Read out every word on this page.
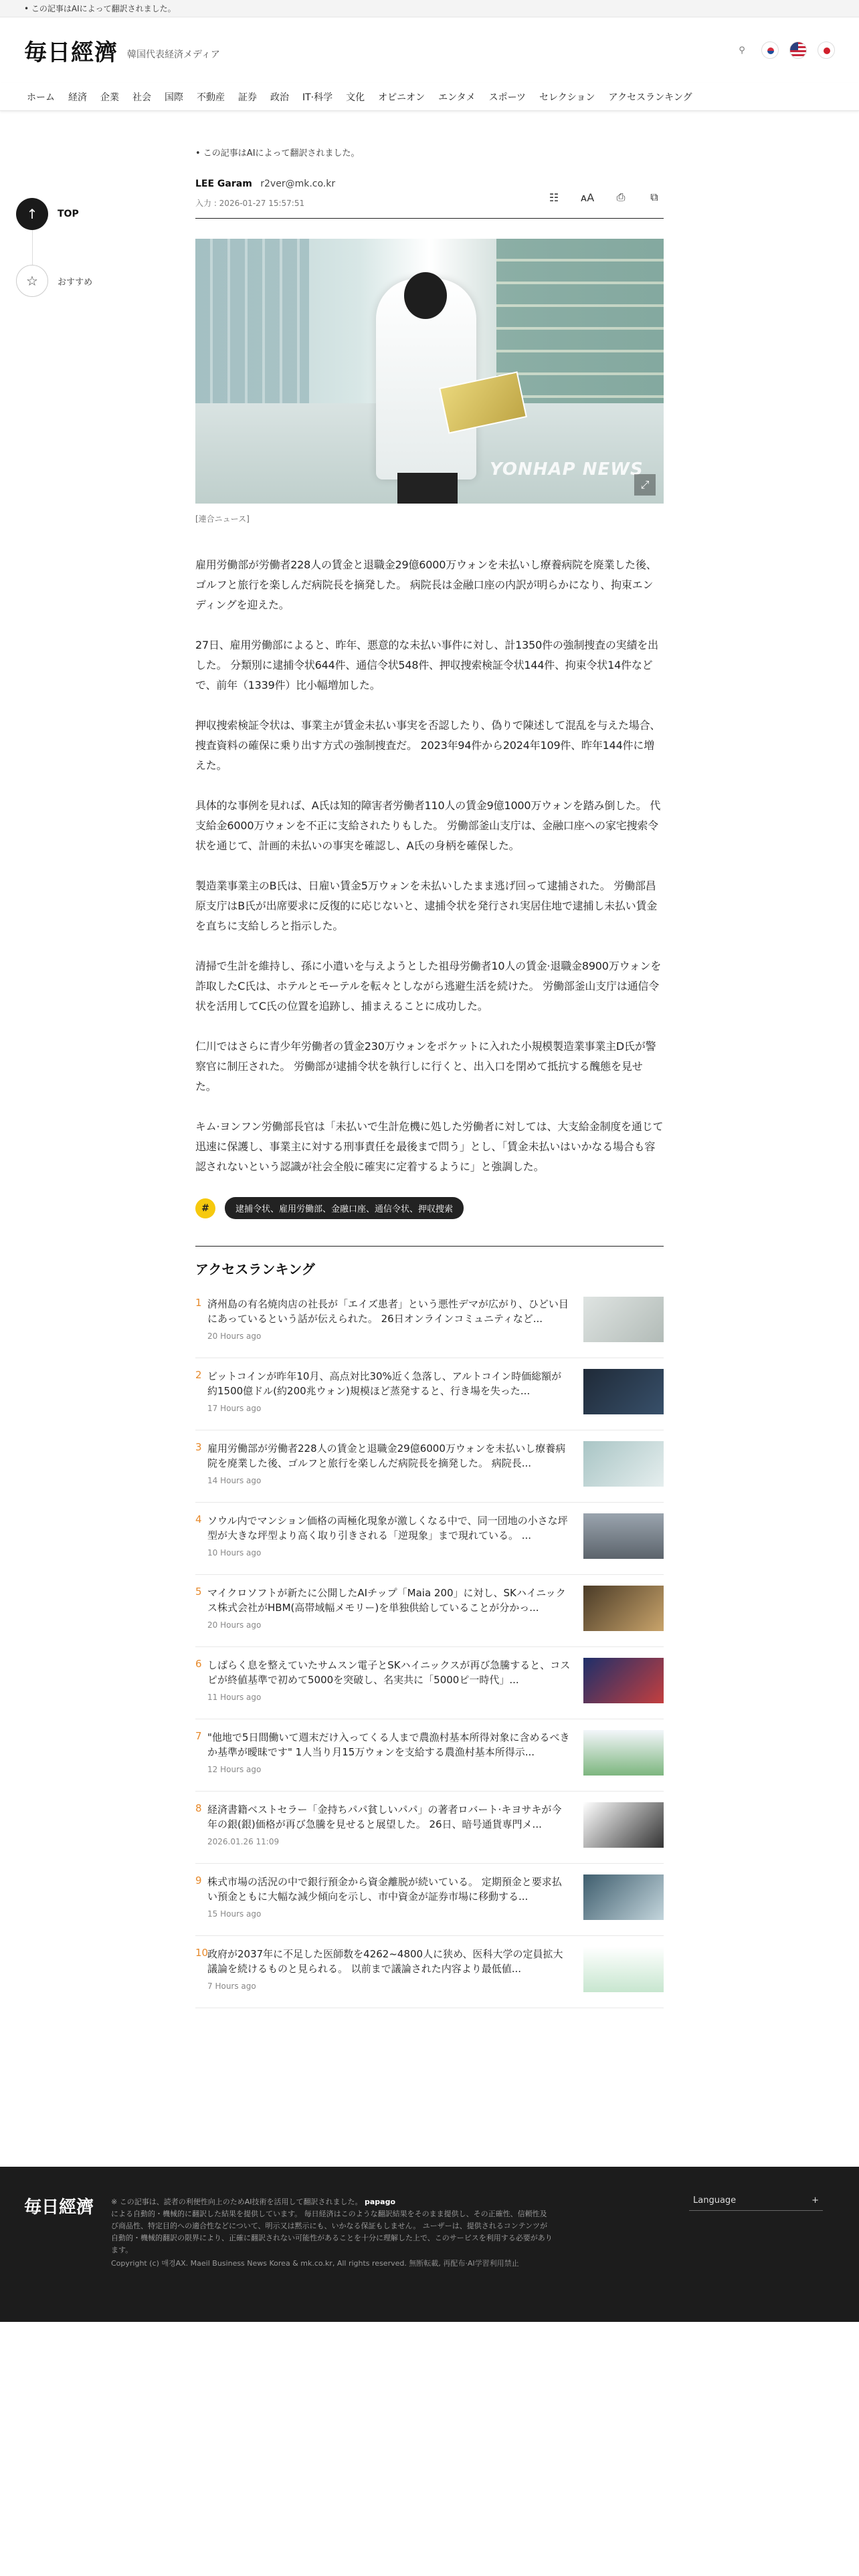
• この記事はAIによって翻訳されました。
毎日經濟 韓国代表経済メディア	⚲
ホーム 経済 企業 社会 国際 不動産 証券 政治 IT·科学 文化 オピニオン エンタメ スポーツ セレクション アクセスランキング
↑	TOP
☆	おすすめ
• この記事はAIによって翻訳されました。
LEE Garam r2ver@mk.co.kr
入力 : 2026-01-27 15:57:51	☷	ᴀA	⎙	⧉
YONHAP NEWS
⤢
[連合ニュース]

雇用労働部が労働者228人の賃金と退職金29億6000万ウォンを未払いし療養病院を廃業した後、ゴルフと旅行を楽しんだ病院長を摘発した。 病院長は金融口座の内訳が明らかになり、拘束エンディングを迎えた。

27日、雇用労働部によると、昨年、悪意的な未払い事件に対し、計1350件の強制捜査の実績を出した。 分類別に逮捕令状644件、通信令状548件、押収捜索検証令状144件、拘束令状14件などで、前年（1339件）比小幅増加した。

押収捜索検証令状は、事業主が賃金未払い事実を否認したり、偽りで陳述して混乱を与えた場合、捜査資料の確保に乗り出す方式の強制捜査だ。 2023年94件から2024年109件、昨年144件に増えた。

具体的な事例を見れば、A氏は知的障害者労働者110人の賃金9億1000万ウォンを踏み倒した。 代支給金6000万ウォンを不正に支給されたりもした。 労働部釜山支庁は、金融口座への家宅捜索令状を通じて、計画的未払いの事実を確認し、A氏の身柄を確保した。

製造業事業主のB氏は、日雇い賃金5万ウォンを未払いしたまま逃げ回って逮捕された。 労働部昌原支庁はB氏が出席要求に反復的に応じないと、逮捕令状を発行され実居住地で逮捕し未払い賃金を直ちに支給しろと指示した。

清掃で生計を維持し、孫に小遣いを与えようとした祖母労働者10人の賃金·退職金8900万ウォンを詐取したC氏は、ホテルとモーテルを転々としながら逃避生活を続けた。 労働部釜山支庁は通信令状を活用してC氏の位置を追跡し、捕まえることに成功した。

仁川ではさらに青少年労働者の賃金230万ウォンをポケットに入れた小規模製造業事業主D氏が警察官に制圧された。 労働部が逮捕令状を執行しに行くと、出入口を閉めて抵抗する醜態を見せた。

キム·ヨンフン労働部長官は「未払いで生計危機に処した労働者に対しては、大支給金制度を通じて迅速に保護し、事業主に対する刑事責任を最後まで問う」とし、「賃金未払いはいかなる場合も容認されないという認識が社会全般に確実に定着するように」と強調した。

#	逮捕令状、雇用労働部、金融口座、通信令状、押収捜索
アクセスランキング
1 済州島の有名焼肉店の社長が「エイズ患者」という悪性デマが広がり、ひどい目にあっているという話が伝えられた。 26日オンラインコミュニティなど...
20 Hours ago
2 ビットコインが昨年10月、高点対比30%近く急落し、アルトコイン時価総額が約1500億ドル(約200兆ウォン)規模ほど蒸発すると、行き場を失った...
17 Hours ago
3 雇用労働部が労働者228人の賃金と退職金29億6000万ウォンを未払いし療養病院を廃業した後、ゴルフと旅行を楽しんだ病院長を摘発した。 病院長...
14 Hours ago
4 ソウル内でマンション価格の両極化現象が激しくなる中で、同一団地の小さな坪型が大きな坪型より高く取り引きされる「逆現象」まで現れている。 ...
10 Hours ago
5 マイクロソフトが新たに公開したAIチップ「Maia 200」に対し、SKハイニックス株式会社がHBM(高帯域幅メモリー)を単独供給していることが分かっ...
20 Hours ago
6 しばらく息を整えていたサムスン電子とSKハイニックスが再び急騰すると、コスピが終値基準で初めて5000を突破し、名実共に「5000ピ一時代」...
11 Hours ago
7 "他地で5日間働いて週末だけ入ってくる人まで農漁村基本所得対象に含めるべきか基準が曖昧です" 1人当り月15万ウォンを支給する農漁村基本所得示...
12 Hours ago
8 経済書籍ベストセラー「金持ちパパ貧しいパパ」の著者ロバート·キヨサキが今年の銀(銀)価格が再び急騰を見せると展望した。 26日、暗号通貨専門メ...
2026.01.26 11:09
9 株式市場の活況の中で銀行預金から資金離脱が続いている。 定期預金と要求払い預金ともに大幅な減少傾向を示し、市中資金が証券市場に移動する...
15 Hours ago
10
政府が2037年に不足した医師数を4262~4800人に狭め、医科大学の定員拡大議論を続けるものと見られる。 以前まで議論された内容より最低値...
7 Hours ago
毎日經濟 ※ この記事は、読者の利便性向上のためAI技術を活用して翻訳されました。 papago
による自動的・機械的に翻訳した結果を提供しています。 毎日経済はこのような翻訳結果をそのまま提供し、その正確性、信頼性及び商品性、特定目的への適合性などについて、明示又は黙示にも、いかなる保証もしません。 ユーザーは、提供されるコンテンツが自動的・機械的翻訳の限界により、正確に翻訳されない可能性があることを十分に理解した上で、このサービスを利用する必要があります。
Copyright (c) 매경AX. Maeil Business News Korea & mk.co.kr, All rights reserved. 無断転載, 再配布·AI学習利用禁止
Language	+
